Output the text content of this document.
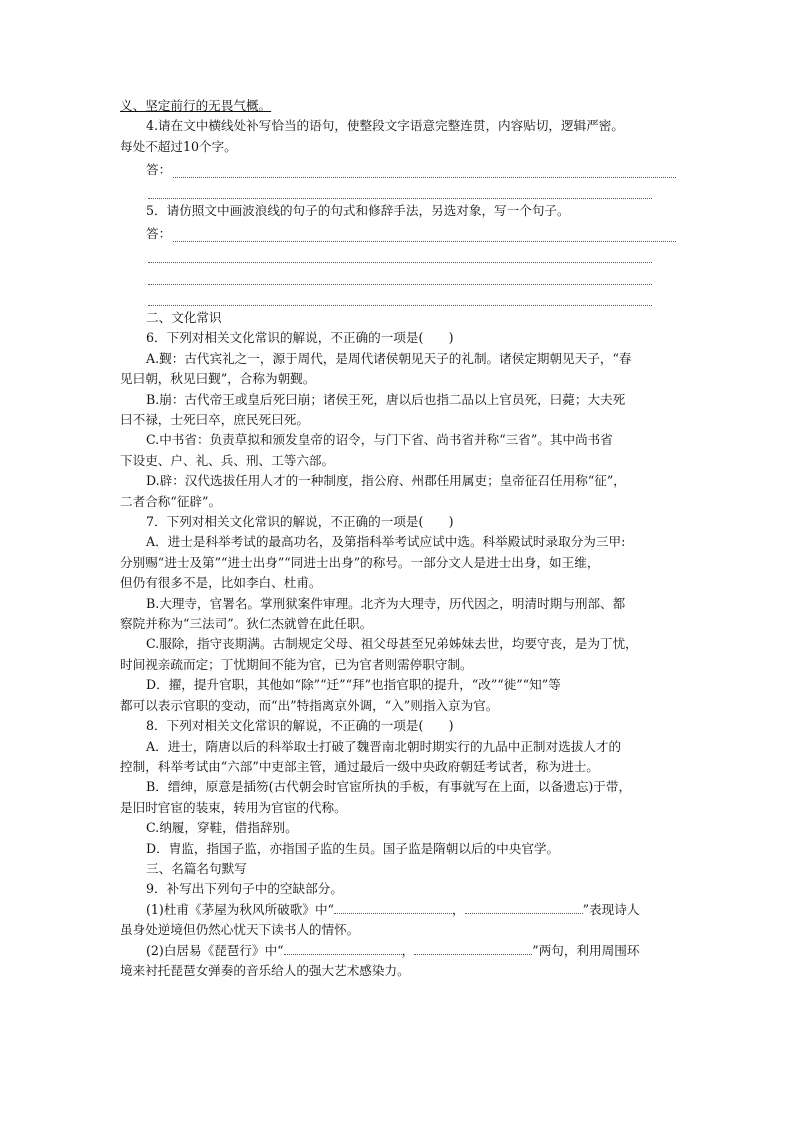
义、坚定前行的无畏气概。

4.请在文中横线处补写恰当的语句，使整段文字语意完整连贯，内容贴切，逻辑严密。

每处不超过10个字。

答：

5．请仿照文中画波浪线的句子的句式和修辞手法，另选对象，写一个句子。

答：

二、文化常识

6．下列对相关文化常识的解说，不正确的一项是(　　)

A.觐：古代宾礼之一，源于周代，是周代诸侯朝见天子的礼制。诸侯定期朝见天子，“春

见曰朝，秋见曰觐”，合称为朝觐。

B.崩：古代帝王或皇后死曰崩；诸侯王死，唐以后也指二品以上官员死，曰薨；大夫死

曰不禄，士死曰卒，庶民死曰死。

C.中书省：负责草拟和颁发皇帝的诏令，与门下省、尚书省并称“三省”。其中尚书省

下设吏、户、礼、兵、刑、工等六部。

D.辟：汉代选拔任用人才的一种制度，指公府、州郡任用属吏；皇帝征召任用称“征”，

二者合称“征辟”。

7．下列对相关文化常识的解说，不正确的一项是(　　)

A．进士是科举考试的最高功名，及第指科举考试应试中选。科举殿试时录取分为三甲:

分别赐“进士及第”“进士出身”“同进士出身”的称号。一部分文人是进士出身，如王维，

但仍有很多不是，比如李白、杜甫。

B.大理寺，官署名。掌刑狱案件审理。北齐为大理寺，历代因之，明清时期与刑部、都

察院并称为“三法司”。狄仁杰就曾在此任职。

C.服除，指守丧期满。古制规定父母、祖父母甚至兄弟姊妹去世，均要守丧，是为丁忧，

时间视亲疏而定；丁忧期间不能为官，已为官者则需停职守制。

D．擢，提升官职，其他如“除”“迁”“拜”也指官职的提升，“改”“徙”“知”等

都可以表示官职的变动，而“出”特指离京外调，“入”则指入京为官。

8．下列对相关文化常识的解说，不正确的一项是(　　)

A．进士，隋唐以后的科举取士打破了魏晋南北朝时期实行的九品中正制对选拔人才的

控制，科举考试由“六部”中吏部主管，通过最后一级中央政府朝廷考试者，称为进士。

B．缙绅，原意是插笏(古代朝会时官宦所执的手板，有事就写在上面，以备遗忘)于带，

是旧时官宦的装束，转用为官宦的代称。

C.纳履，穿鞋，借指辞别。

D．胄监，指国子监，亦指国子监的生员。国子监是隋朝以后的中央官学。

三、名篇名句默写

9．补写出下列句子中的空缺部分。

(1)杜甫《茅屋为秋风所破歌》中“	，	”表现诗人

虽身处逆境但仍然心忧天下读书人的情怀。

(2)白居易《琵琶行》中“	，	”两句，利用周围环

境来衬托琵琶女弹奏的音乐给人的强大艺术感染力。
